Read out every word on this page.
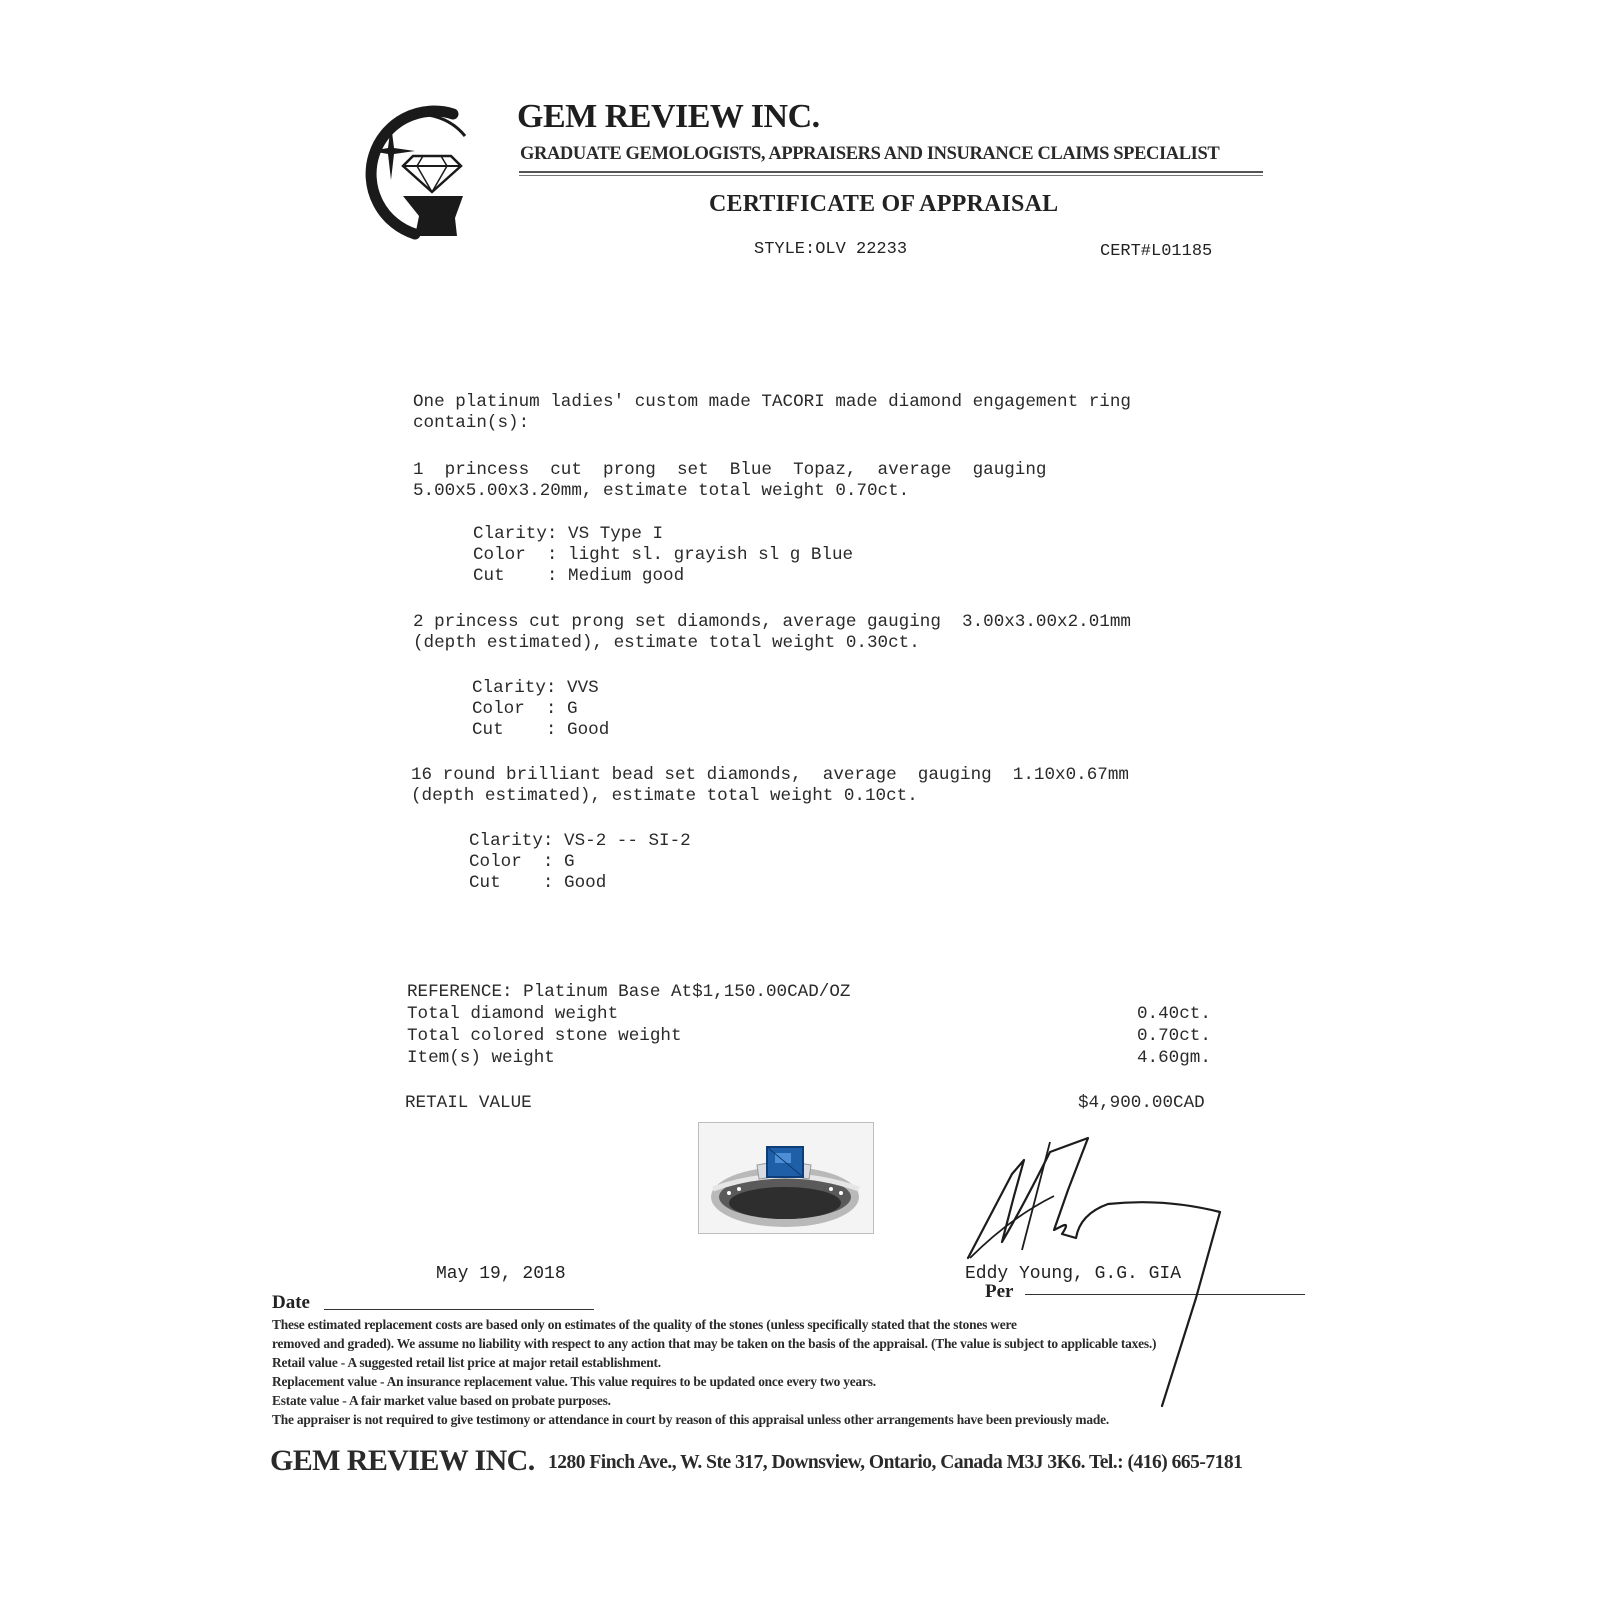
GEM REVIEW INC.
GRADUATE GEMOLOGISTS, APPRAISERS AND INSURANCE CLAIMS SPECIALIST
CERTIFICATE OF APPRAISAL
STYLE:OLV 22233	CERT#L01185
One platinum ladies' custom made TACORI made diamond engagement ring
contain(s):
1  princess  cut  prong  set  Blue  Topaz,  average  gauging
5.00x5.00x3.20mm, estimate total weight 0.70ct.
Clarity: VS Type I
Color  : light sl. grayish sl g Blue
Cut    : Medium good
2 princess cut prong set diamonds, average gauging  3.00x3.00x2.01mm
(depth estimated), estimate total weight 0.30ct.
Clarity: VVS
Color  : G
Cut    : Good
16 round brilliant bead set diamonds,  average  gauging  1.10x0.67mm
(depth estimated), estimate total weight 0.10ct.
Clarity: VS-2 -- SI-2
Color  : G
Cut    : Good
REFERENCE: Platinum Base At$1,150.00CAD/OZ
Total diamond weight	0.40ct.
Total colored stone weight	0.70ct.
Item(s) weight	4.60gm.
RETAIL VALUE	$4,900.00CAD
May 19, 2018	Eddy Young, G.G. GIA
Date
Per
These estimated replacement costs are based only on estimates of the quality of the stones (unless specifically stated that the stones were
removed and graded). We assume no liability with respect to any action that may be taken on the basis of the appraisal. (The value is subject to applicable taxes.)
Retail value - A suggested retail list price at major retail establishment.
Replacement value - An insurance replacement value. This value requires to be updated once every two years.
Estate value - A fair market value based on probate purposes.
The appraiser is not required to give testimony or attendance in court by reason of this appraisal unless other arrangements have been previously made.
GEM REVIEW INC. 1280 Finch Ave., W. Ste 317, Downsview, Ontario, Canada M3J 3K6. Tel.: (416) 665-7181
